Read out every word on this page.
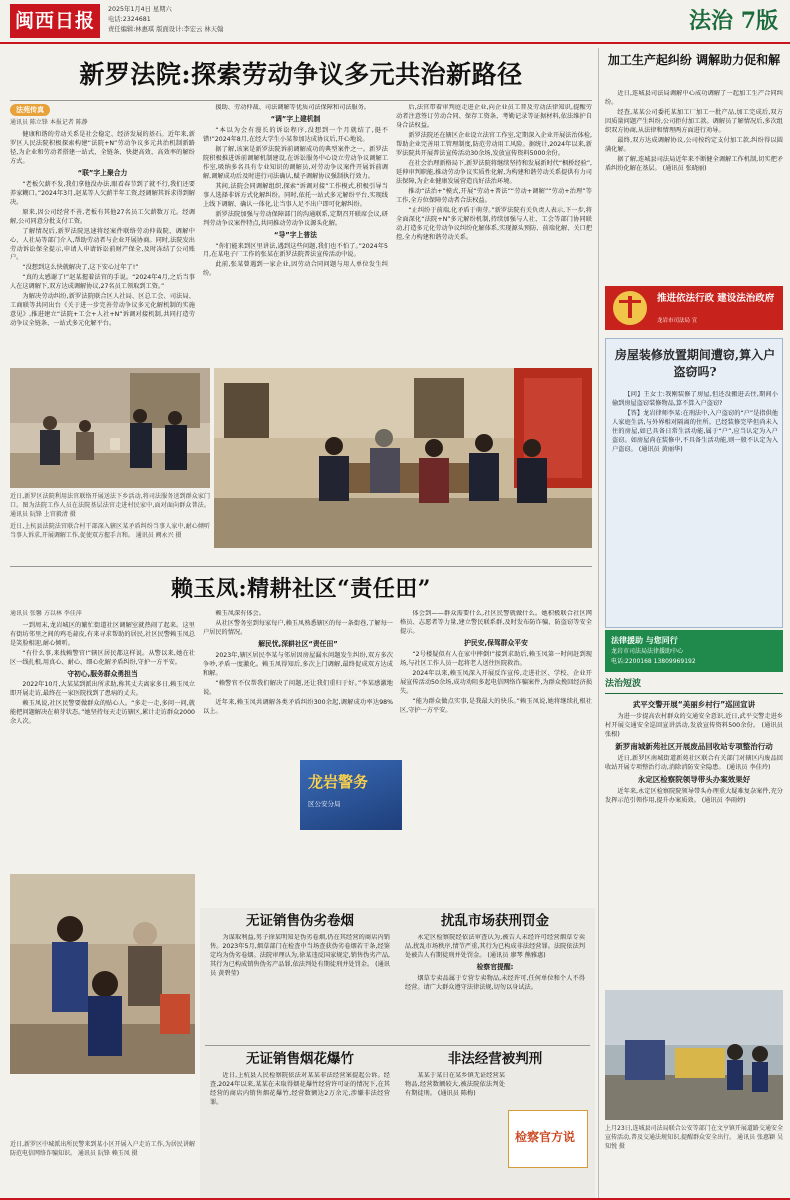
闽西日报
2025年1月4日 星期六
电话:2324681
责任编辑:林惠琪 版面设计:李宏云 林天翰	法治 7版
新罗法院:探索劳动争议多元共治新路径
法苑传真
通讯员 陈立锋 本报记者 陈静

健康和谐的劳动关系是社会稳定、经济发展的基石。近年来,新罗区人民法院积极探索构建“法院+N”劳动争议多元共治机制新路径,为企业和劳动者搭建一站式、全链条、快捷高效、高效率的解纷方式。

“联”字上聚合力

“老板欠薪不发,我们拿他没办法,眼看春节到了就不行,我们还要养家糊口。”2024年3月,赵某等人欠薪半年工资,经调解其诉求得到解决。

原来,因公司经营不善,老板有其他27名员工欠薪数万元。经调解,公司同意分批支付工资。

了解情况后,新罗法院迅速将经案件联络劳动仲裁院、调解中心、人社局等部门介入,帮助劳动者与企业开展协商。同时,法院发出劳动诉讼保全提示,申请人申请诉讼前财产保全,及时冻结了公司账户。

“没想到这么快就解决了,这下安心过年了!”

“真的太感谢了!”赵某握着法官的手说。“2024年4月,之后当事人在这调解下,双方达成调解协议,27名员工领取到工资。”

为解决劳动纠纷,新罗法院联合区人社局、区总工会、司法局、工商联等共同出台《关于进一步完善劳动争议多元化解机制的实施意见》,推进建立“法院+工会+人社+N”诉调对接机制,共同打造劳动争议全链条、一站式多元化解平台。

援助、劳动仲裁、司法调解等优质司法保障和司法服务。

“调”字上建机制

“本以为会有漫长的诉讼程序,没想到一个月就结了,挺不错!”2024年8月,在经大学生小某参加达成协议后,开心地说。

据了解,该案是新罗法院诉前调解成功的典型案件之一。新罗法院积极推进诉前调解机制建设,在诉讼服务中心设立劳动争议调解工作室,吸纳多名具有专业知识的调解员,对劳动争议案件开展诉前调解,调解成功后及时进行司法确认,赋予调解协议强制执行效力。

其间,法院会同调解组织,探索“诉调对接”工作模式,积极引导当事人选择非诉方式化解纠纷。同时,依托一站式多元解纷平台,实现线上线下调解、确认一体化,让当事人足不出户即可化解纠纷。

新罗法院加强与劳动保障部门的沟通联系,定期召开联席会议,研判劳动争议案件特点,共同推动劳动争议源头化解。

“导”字上普法

“你们能来到区里讲法,遇到这些问题,我们也不怕了。”2024年5月,在某电子厂工作的张某在新罗法院普法宣传活动中说。

此前,张某曾遇到一家企业,因劳动合同问题与用人单位发生纠纷。

后,法官带着审判庭走进企业,向企业员工普及劳动法律知识,提醒劳动者注意签订劳动合同、保存工资条、考勤记录等证据材料,依法维护自身合法权益。

新罗法院还在辖区企业设立法官工作室,定期深入企业开展法治体检,帮助企业完善用工管理制度,防范劳动用工风险。据统计,2024年以来,新罗法院共开展普法宣传活动30余场,发放宣传资料5000余份。

在社会治理新格局下,新罗法院将继续坚持和发展新时代“枫桥经验”,延伸审判职能,推动劳动争议实质性化解,为构建和谐劳动关系提供有力司法保障,为企业健康发展营造良好法治环境。

推动“法治+”模式,开展“劳动+普法”“劳动+调解”“劳动+治理”等工作,全方位保障劳动者合法权益。

“止纠纷于前端,化矛盾于萌芽。”新罗法院有关负责人表示,下一步,将全面深化“法院+N”多元解纷机制,持续加强与人社、工会等部门协同联动,打造多元化劳动争议纠纷化解体系,实现源头预防、前端化解、关口把控,全力构建和谐劳动关系。

近日,新罗区法院利用法官联络开展送法下乡活动,将司法服务送到群众家门口。图为法院工作人员在法院基层法官走进村民家中,面对面向群众普法。 通讯员 阮锋 上官毅清 摄
近日,上杭县法院法官联合村干部深入辖区某矛盾纠纷当事人家中,耐心倾听当事人诉求,开展调解工作,促使双方握手言和。 通讯员 阙永兴 摄
赖玉凤:精耕社区“责任田”
通讯员 张馨 方以林 李佳萍

一到周末,龙岩城区的繁忙街道社区调解室就热闹了起来。这里有街坊邻里之间的鸡毛蒜皮,有来寻求帮助的居民,社区民警赖玉凤总是笑脸相迎,耐心倾听。

“有什么事,来找赖警官!”辖区居民都这样说。从警以来,她在社区一线扎根,用真心、耐心、细心化解矛盾纠纷,守护一方平安。

守初心,服务群众勇担当

2022年10月,大某某到派出所求助,称其丈夫离家多日,赖玉凤立即开展走访,最终在一家医院找到了患病的丈夫。

赖玉凤说,社区民警要做群众的贴心人。“多走一走,多问一问,就能把问题解决在萌芽状态。”她坚持每天走访辖区,累计走访群众2000余人次。

赖玉凤深有体会。

从社区警务室到每家每户,赖玉凤熟悉辖区的每一条街巷,了解每一户居民的情况。

解民忧,深耕社区“责任田”

2023年,辖区居民李某与邻居因房屋漏水问题发生纠纷,双方多次争吵,矛盾一度激化。赖玉凤得知后,多次上门调解,最终促成双方达成和解。

“赖警官不仅帮我们解决了问题,还让我们重归于好。”李某感激地说。

近年来,赖玉凤共调解各类矛盾纠纷300余起,调解成功率达98%以上。

体会到——群众需要什么,社区民警就做什么。她积极联合社区网格员、志愿者等力量,建立警民联系群,及时发布防诈骗、防盗窃等安全提示。

护民安,保驾群众平安

“2号楼疑似有人在家中摔倒!”接到求助后,赖玉凤第一时间赶到现场,与社区工作人员一起将老人送往医院救治。

2024年以来,赖玉凤深入开展反诈宣传,走进社区、学校、企业开展宣传活动50余场,成功劝阻多起电信网络诈骗案件,为群众挽回经济损失。

“能为群众做点实事,是我最大的快乐。”赖玉凤说,她将继续扎根社区,守护一方平安。

龙岩警务
区公安分局
近日,新罗区中城派出所民警来到某小区开展入户走访工作,为居民讲解防范电信网络诈骗知识。 通讯员 阮锋 赖玉凤 摄
无证销售伪劣卷烟

为谋取利益,男子徐某明知是伪劣卷烟,仍在其经营的商店内销售。2023年5月,烟草部门在检查中当场查获伪劣卷烟若干条,经鉴定均为伪劣卷烟。法院审理认为,徐某违反国家规定,销售伪劣产品,其行为已构成销售伪劣产品罪,依法判处有期徒刑并处罚金。 (通讯员 黄碧莹)

扰乱市场获刑罚金

永定区检察院经依法审查认为,被告人未经许可经营烟草专卖品,扰乱市场秩序,情节严重,其行为已构成非法经营罪。法院依法判处被告人有期徒刑并处罚金。 (通讯员 廖琴 熊雅惠)

检察官提醒:

烟草专卖品属于专营专卖物品,未经许可,任何单位和个人不得经营。请广大群众遵守法律法规,切勿以身试法。

无证销售烟花爆竹

近日,上杭县人民检察院依法对某某非法经营案提起公诉。经查,2024年以来,某某在未取得烟花爆竹经营许可证的情况下,在其经营的商店内销售烟花爆竹,经营数额达2万余元,涉嫌非法经营罪。

非法经营被判刑

某某于某日在某乡镇无证经营某物品,经营数额较大,被法院依法判处有期徒刑。 (通讯员 陈梅)

检察官方说
加工生产起纠纷 调解助力促和解

近日,连城县司法局调解中心成功调解了一起加工生产合同纠纷。

经查,某某公司委托某加工厂加工一批产品,加工完成后,双方因质量问题产生纠纷,公司拒付加工款。调解员了解情况后,多次组织双方协商,从法律和情理两方面进行劝导。

最终,双方达成调解协议,公司按约定支付加工款,纠纷得以圆满化解。

据了解,连城县司法局近年来不断健全调解工作机制,切实把矛盾纠纷化解在基层。 (通讯员 张晓丽)

推进依法行政 建设法治政府
龙岩市司法局 宣
房屋装修放置期间遭窃,算入户盗窃吗?

【问】王女士:我刚装修了房屋,但还没搬进去住,期间小偷到房屋盗窃装修物品,算不算入户盗窃?

【答】龙岩律师李某:在刑法中,入户盗窃的“户”是指供他人家庭生活,与外界相对隔离的住所。已经装修完毕但尚未入住的房屋,如已具备日常生活功能,属于“户”,应当认定为入户盗窃。如房屋尚在装修中,不具备生活功能,则一般不认定为入户盗窃。 (通讯员 黄丽华)

法律援助 与您同行
龙岩市司法局法律援助中心
电话:2200168 13809969192
法治短波
武平交警开展“美丽乡村行”巡回宣讲

为进一步提高农村群众的交通安全意识,近日,武平交警走进乡村开展交通安全巡回宣讲活动,发放宣传资料500余份。 (通讯员 张根)

新罗南城新苑社区开展废品回收站专项整治行动

近日,新罗区南城街道新苑社区联合有关部门对辖区内废品回收站开展专项整治行动,消除消防安全隐患。 (通讯员 李佳玲)

永定区检察院领导带头办案效果好

近年来,永定区检察院院领导带头办理重大疑难复杂案件,充分发挥示范引领作用,提升办案质效。 (通讯员 李雨婷)

上月23日,连城县司法局联合公安等部门在文亨镇开展道路交通安全宣传活动,普及交通法规知识,提醒群众安全出行。 通讯员 张惠颖 吴知悦 摄
